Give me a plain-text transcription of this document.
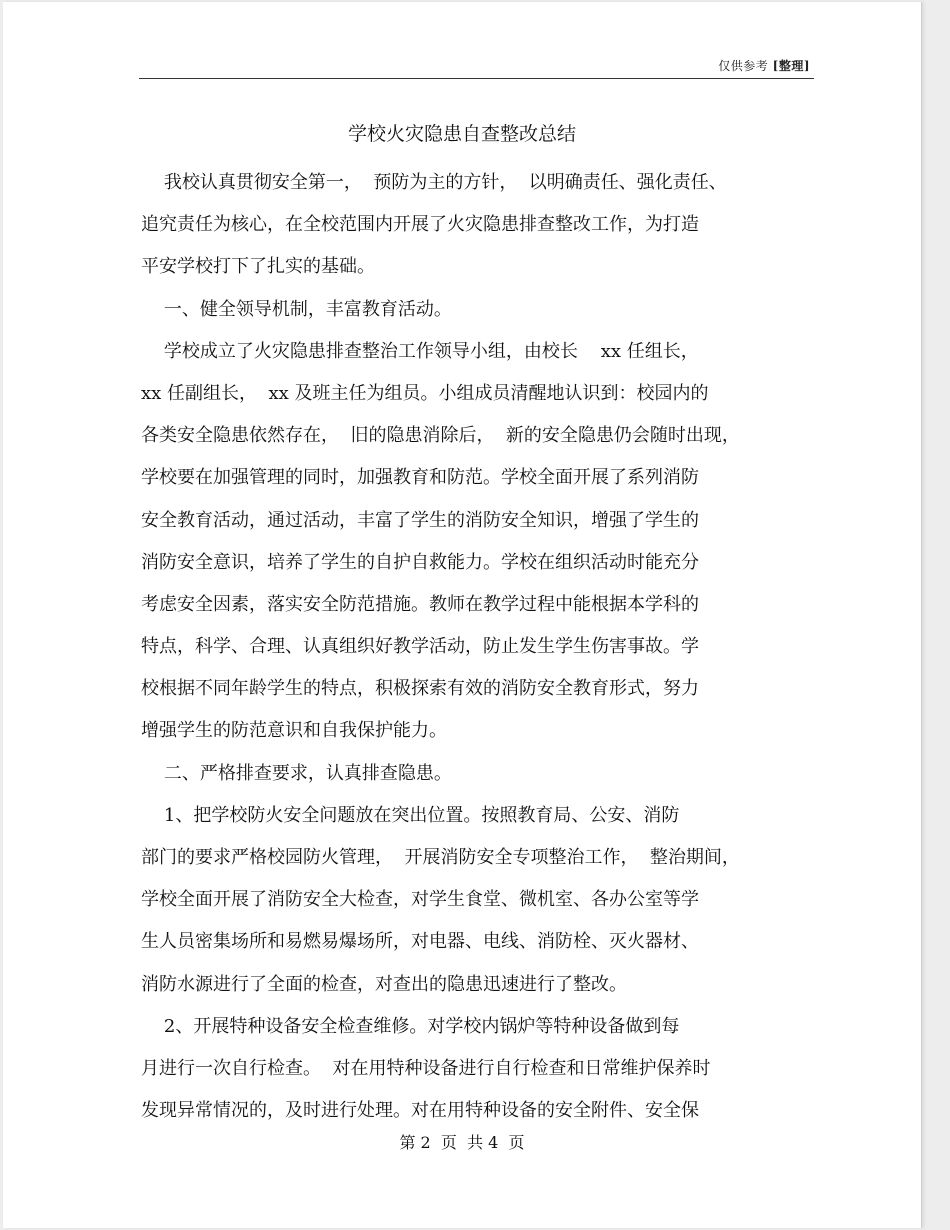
仅供参考 [整理]
学校火灾隐患自查整改总结
我校认真贯彻安全第一，  预防为主的方针，  以明确责任、强化责任、
追究责任为核心，在全校范围内开展了火灾隐患排查整改工作，为打造
平安学校打下了扎实的基础。
一、健全领导机制，丰富教育活动。
学校成立了火灾隐患排查整治工作领导小组，由校长    xx 任组长，
xx 任副组长，  xx 及班主任为组员。小组成员清醒地认识到：校园内的
各类安全隐患依然存在，  旧的隐患消除后，  新的安全隐患仍会随时出现，
学校要在加强管理的同时，加强教育和防范。学校全面开展了系列消防
安全教育活动，通过活动，丰富了学生的消防安全知识，增强了学生的
消防安全意识，培养了学生的自护自救能力。学校在组织活动时能充分
考虑安全因素，落实安全防范措施。教师在教学过程中能根据本学科的
特点，科学、合理、认真组织好教学活动，防止发生学生伤害事故。学
校根据不同年龄学生的特点，积极探索有效的消防安全教育形式，努力
增强学生的防范意识和自我保护能力。
二、严格排查要求，认真排查隐患。
1、把学校防火安全问题放在突出位置。按照教育局、公安、消防
部门的要求严格校园防火管理，  开展消防安全专项整治工作，  整治期间，
学校全面开展了消防安全大检查，对学生食堂、微机室、各办公室等学
生人员密集场所和易燃易爆场所，对电器、电线、消防栓、灭火器材、
消防水源进行了全面的检查，对查出的隐患迅速进行了整改。
2、开展特种设备安全检查维修。对学校内锅炉等特种设备做到每
月进行一次自行检查。  对在用特种设备进行自行检查和日常维护保养时
发现异常情况的，及时进行处理。对在用特种设备的安全附件、安全保
第 2  页  共 4  页
